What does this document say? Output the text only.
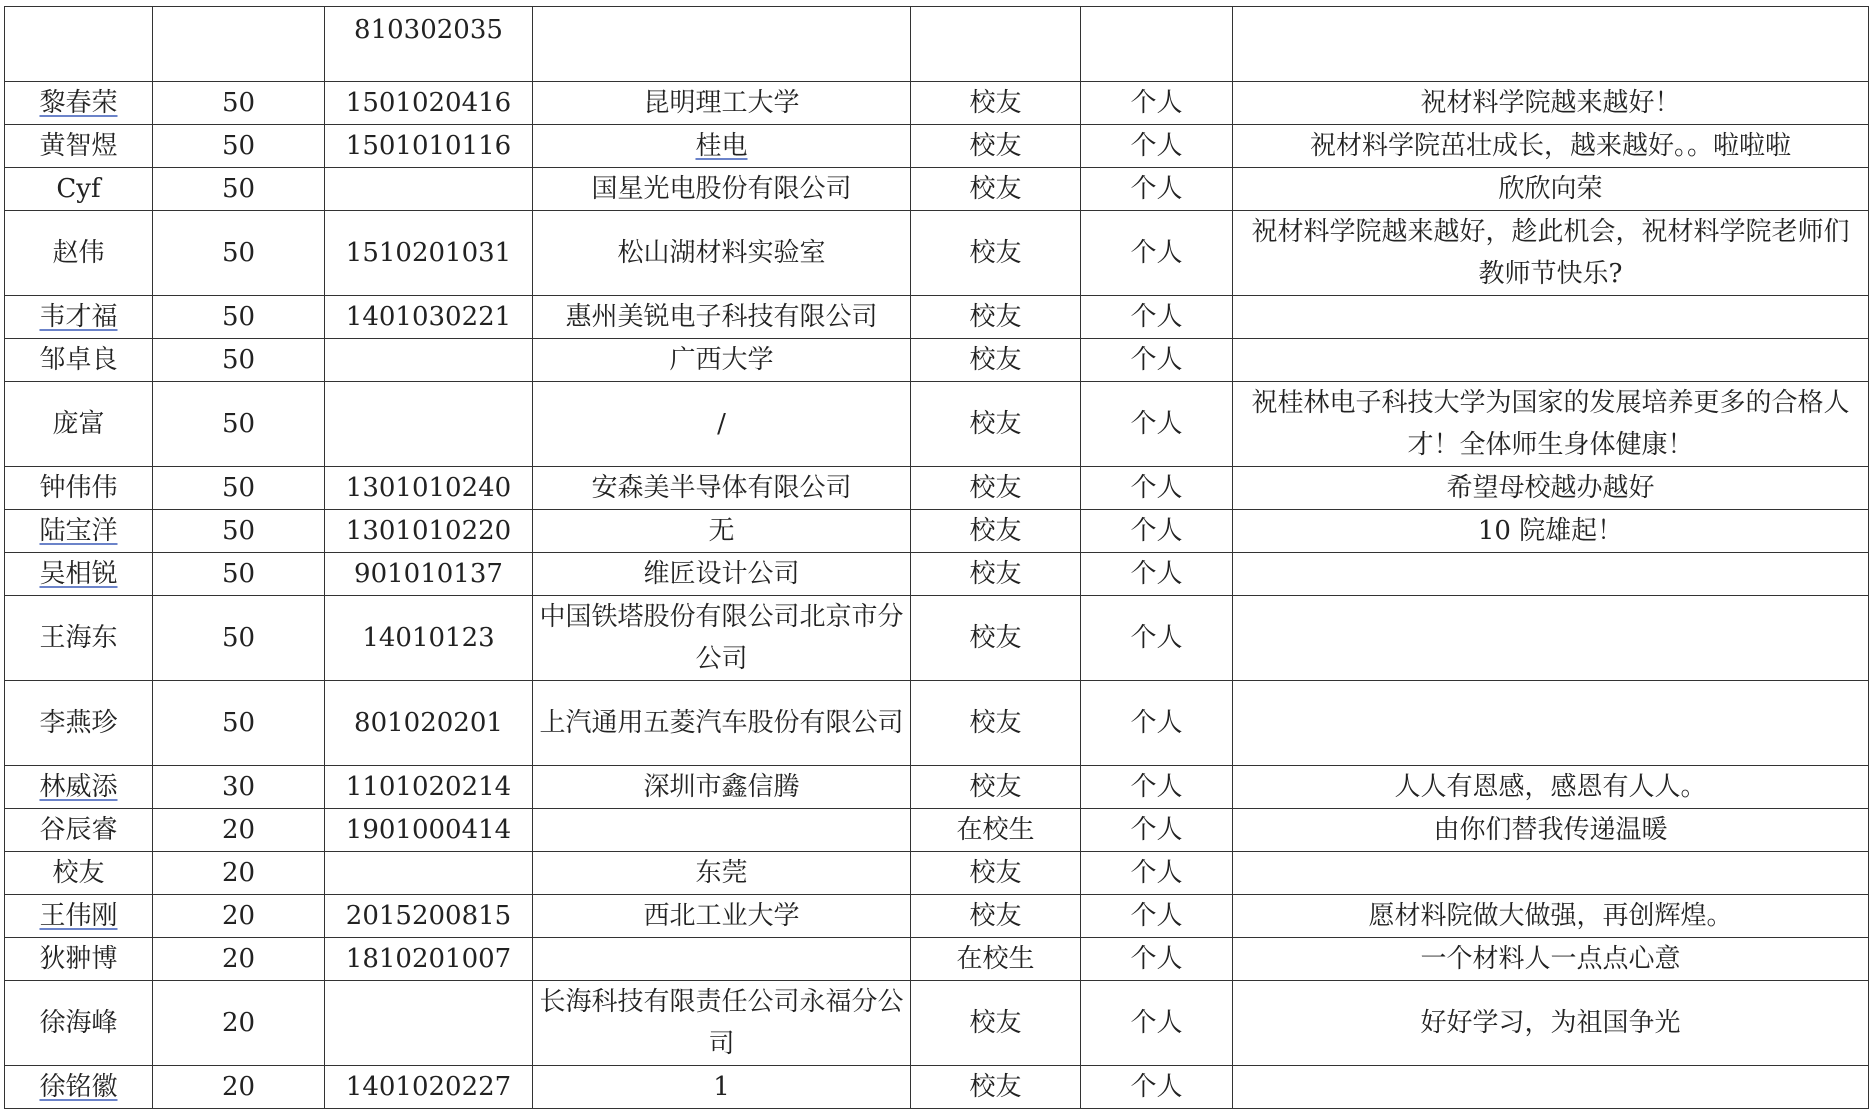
		810302035				
黎春荣	50	1501020416	昆明理工大学	校友	个人	祝材料学院越来越好！
黄智煜	50	1501010116	桂电	校友	个人	祝材料学院茁壮成长，越来越好。。啦啦啦
Cyf	50		国星光电股份有限公司	校友	个人	欣欣向荣
赵伟	50	1510201031	松山湖材料实验室	校友	个人	祝材料学院越来越好，趁此机会，祝材料学院老师们教师节快乐?
韦才福	50	1401030221	惠州美锐电子科技有限公司	校友	个人	
邹卓良	50		广西大学	校友	个人	
庞富	50		/	校友	个人	祝桂林电子科技大学为国家的发展培养更多的合格人才！全体师生身体健康！
钟伟伟	50	1301010240	安森美半导体有限公司	校友	个人	希望母校越办越好
陆宝洋	50	1301010220	无	校友	个人	10 院雄起！
吴相锐	50	901010137	维匠设计公司	校友	个人	
王海东	50	14010123	中国铁塔股份有限公司北京市分公司	校友	个人	
李燕珍	50	801020201	上汽通用五菱汽车股份有限公司	校友	个人	
林威添	30	1101020214	深圳市鑫信腾	校友	个人	人人有恩感，感恩有人人。
谷辰睿	20	1901000414		在校生	个人	由你们替我传递温暖
校友	20		东莞	校友	个人	
王伟刚	20	2015200815	西北工业大学	校友	个人	愿材料院做大做强，再创辉煌。
狄翀博	20	1810201007		在校生	个人	一个材料人一点点心意
徐海峰	20		长海科技有限责任公司永福分公司	校友	个人	好好学习，为祖国争光
徐铭徽	20	1401020227	1	校友	个人	
